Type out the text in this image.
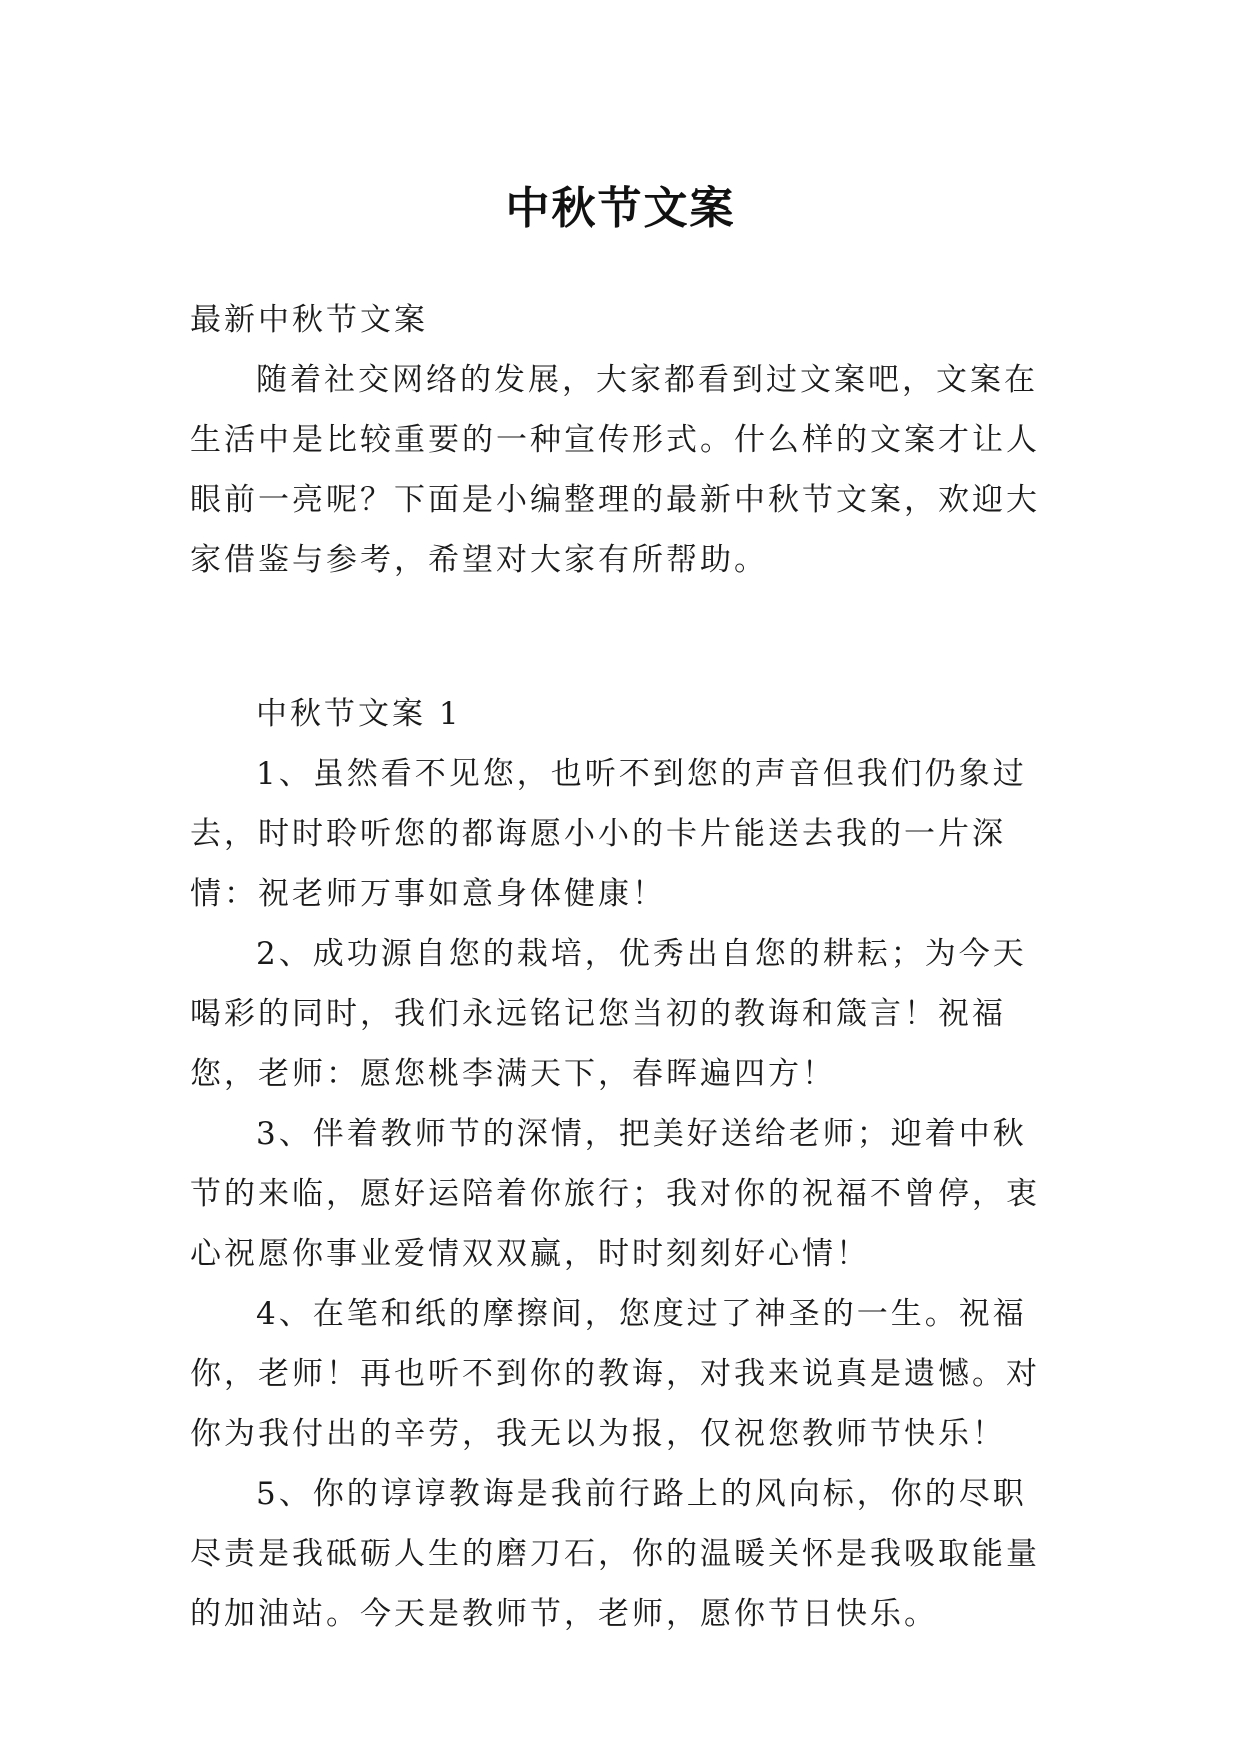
中秋节文案

最新中秋节文案

随着社交网络的发展，大家都看到过文案吧，文案在生活中是比较重要的一种宣传形式。什么样的文案才让人眼前一亮呢？下面是小编整理的最新中秋节文案，欢迎大家借鉴与参考，希望对大家有所帮助。

中秋节文案 1

1、虽然看不见您，也听不到您的声音但我们仍象过去，时时聆听您的都诲愿小小的卡片能送去我的一片深情：祝老师万事如意身体健康！

2、成功源自您的栽培，优秀出自您的耕耘；为今天喝彩的同时，我们永远铭记您当初的教诲和箴言！祝福您，老师：愿您桃李满天下，春晖遍四方！

3、伴着教师节的深情，把美好送给老师；迎着中秋节的来临，愿好运陪着你旅行；我对你的祝福不曾停，衷心祝愿你事业爱情双双赢，时时刻刻好心情！

4、在笔和纸的摩擦间，您度过了神圣的一生。祝福你，老师！再也听不到你的教诲，对我来说真是遗憾。对你为我付出的辛劳，我无以为报，仅祝您教师节快乐！

5、你的谆谆教诲是我前行路上的风向标，你的尽职尽责是我砥砺人生的磨刀石，你的温暖关怀是我吸取能量的加油站。今天是教师节，老师，愿你节日快乐。
